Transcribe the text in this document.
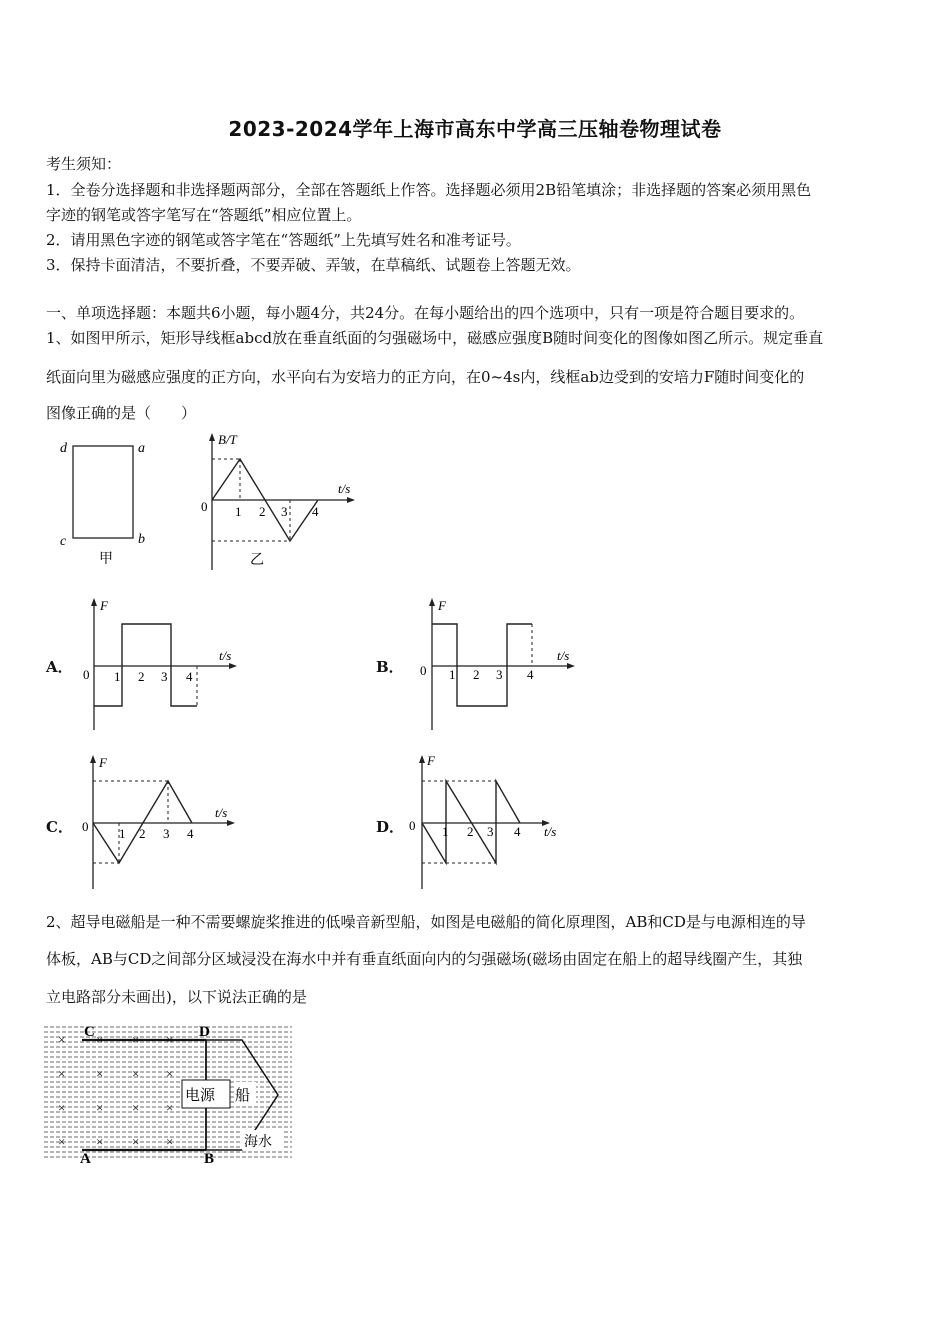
2023-2024学年上海市高东中学高三压轴卷物理试卷
考生须知：
1．全卷分选择题和非选择题两部分，全部在答题纸上作答。选择题必须用2B铅笔填涂；非选择题的答案必须用黑色
字迹的钢笔或答字笔写在“答题纸”相应位置上。
2．请用黑色字迹的钢笔或答字笔在“答题纸”上先填写姓名和准考证号。
3．保持卡面清洁，不要折叠，不要弄破、弄皱，在草稿纸、试题卷上答题无效。
一、单项选择题：本题共6小题，每小题4分，共24分。在每小题给出的四个选项中，只有一项是符合题目要求的。
1、如图甲所示，矩形导线框abcd放在垂直纸面的匀强磁场中，磁感应强度B随时间变化的图像如图乙所示。规定垂直
纸面向里为磁感应强度的正方向，水平向右为安培力的正方向，在0~4s内，线框ab边受到的安培力F随时间变化的
图像正确的是（　　）
d	a
c	b
甲
B/T
t/s
0 1 2 3 4
乙
A．
F
t/s
0 1 2 3 4
B．
F
t/s
0 1 2 3 4
C．
F
t/s
0 1 2 3 4	D．
F
t/s
0 1 2 3 4
2、超导电磁船是一种不需要螺旋桨推进的低噪音新型船，如图是电磁船的简化原理图，AB和CD是与电源相连的导
体板，AB与CD之间部分区域浸没在海水中并有垂直纸面向内的匀强磁场(磁场由固定在船上的超导线圈产生，其独
立电路部分未画出)，以下说法正确的是
电源 船
海水
× × × ×
× × × ×
× × × ×
× × × ×
C	D
A	B
